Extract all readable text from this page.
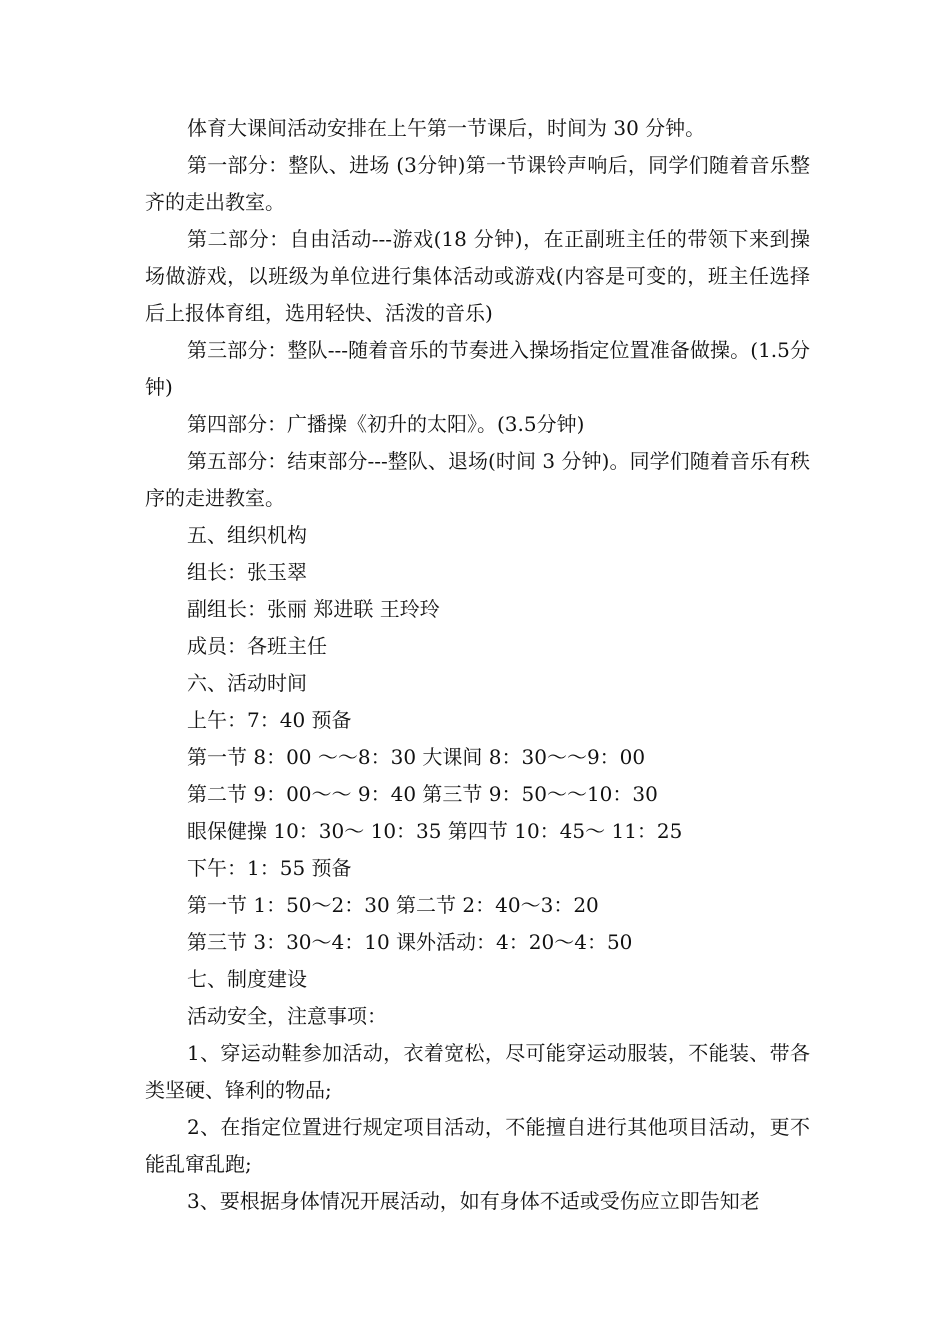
体育大课间活动安排在上午第一节课后，时间为 30 分钟。

第一部分：整队、进场 (3分钟)第一节课铃声响后，同学们随着音乐整齐的走出教室。

第二部分：自由活动---游戏(18 分钟)，在正副班主任的带领下来到操场做游戏，以班级为单位进行集体活动或游戏(内容是可变的，班主任选择后上报体育组，选用轻快、活泼的音乐)

第三部分：整队---随着音乐的节奏进入操场指定位置准备做操。(1.5分钟)

第四部分：广播操《初升的太阳》。(3.5分钟)

第五部分：结束部分---整队、退场(时间 3 分钟)。同学们随着音乐有秩序的走进教室。

五、组织机构

组长：张玉翠

副组长：张丽 郑进联 王玲玲

成员：各班主任

六、活动时间

上午：7：40 预备

第一节 8：00 ～～8：30 大课间 8：30～～9：00

第二节 9：00～～ 9：40 第三节 9：50～～10：30

眼保健操 10：30～ 10：35 第四节 10：45～ 11：25

下午：1：55 预备

第一节 1：50～2：30 第二节 2：40～3：20

第三节 3：30～4：10 课外活动：4：20～4：50

七、制度建设

活动安全，注意事项：

1、穿运动鞋参加活动，衣着宽松，尽可能穿运动服装，不能装、带各类坚硬、锋利的物品;

2、在指定位置进行规定项目活动，不能擅自进行其他项目活动，更不能乱窜乱跑;

3、要根据身体情况开展活动，如有身体不适或受伤应立即告知老
